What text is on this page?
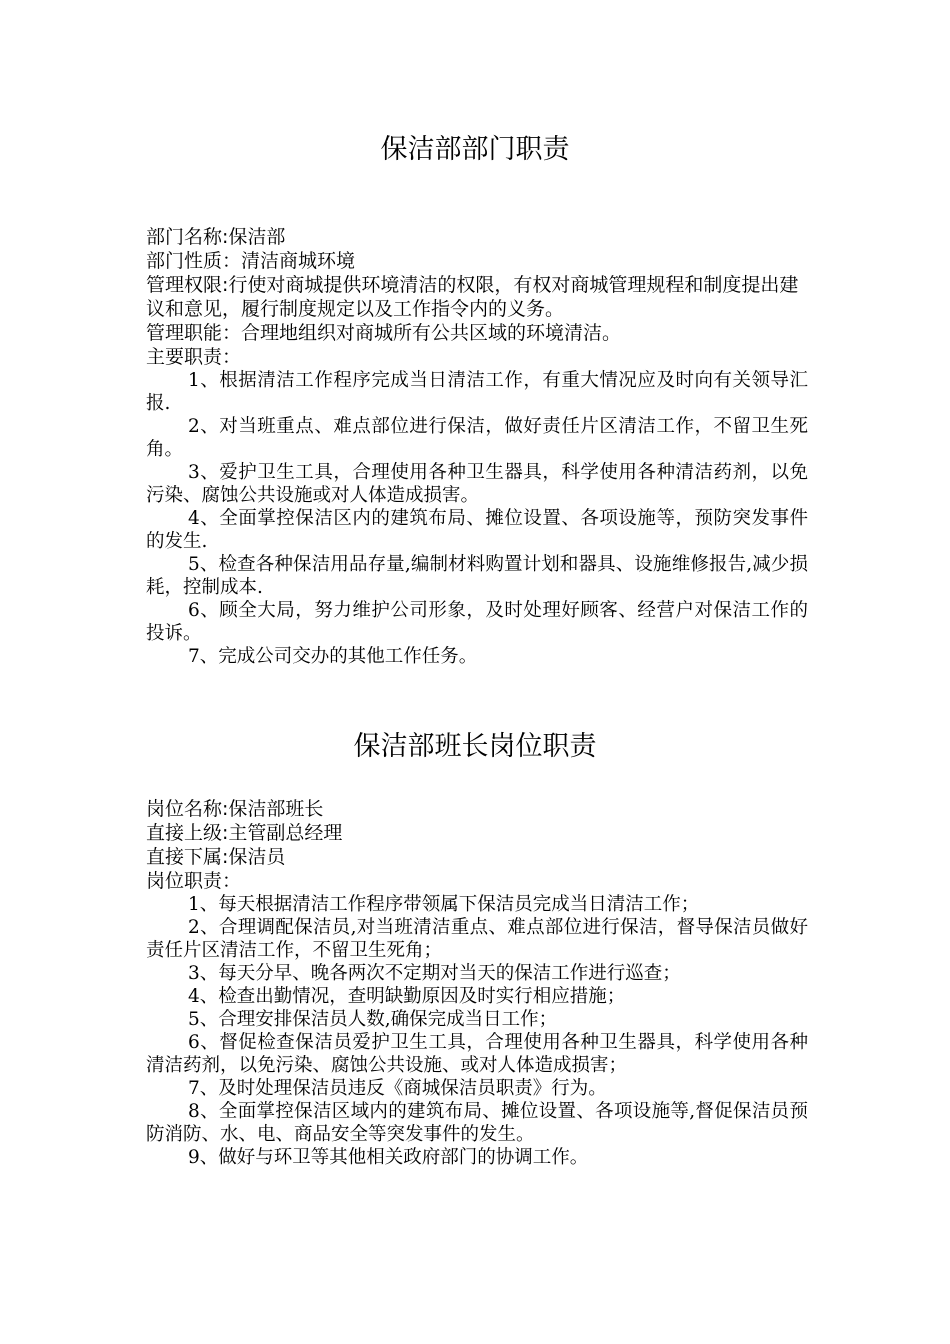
保洁部部门职责

部门名称:保洁部

部门性质：清洁商城环境

管理权限:行使对商城提供环境清洁的权限，有权对商城管理规程和制度提出建议和意见，履行制度规定以及工作指令内的义务。

管理职能：合理地组织对商城所有公共区域的环境清洁。

主要职责：

1、根据清洁工作程序完成当日清洁工作，有重大情况应及时向有关领导汇报.

2、对当班重点、难点部位进行保洁，做好责任片区清洁工作，不留卫生死角。

3、爱护卫生工具，合理使用各种卫生器具，科学使用各种清洁药剂，以免污染、腐蚀公共设施或对人体造成损害。

4、全面掌控保洁区内的建筑布局、摊位设置、各项设施等，预防突发事件的发生.

5、检查各种保洁用品存量,编制材料购置计划和器具、设施维修报告,减少损耗，控制成本.

6、顾全大局，努力维护公司形象，及时处理好顾客、经营户对保洁工作的投诉。

7、完成公司交办的其他工作任务。

保洁部班长岗位职责

岗位名称:保洁部班长

直接上级:主管副总经理

直接下属:保洁员

岗位职责：

1、每天根据清洁工作程序带领属下保洁员完成当日清洁工作；

2、合理调配保洁员,对当班清洁重点、难点部位进行保洁，督导保洁员做好责任片区清洁工作，不留卫生死角；

3、每天分早、晚各两次不定期对当天的保洁工作进行巡查；

4、检查出勤情况，查明缺勤原因及时实行相应措施；

5、合理安排保洁员人数,确保完成当日工作；

6、督促检查保洁员爱护卫生工具，合理使用各种卫生器具，科学使用各种清洁药剂，以免污染、腐蚀公共设施、或对人体造成损害；

7、及时处理保洁员违反《商城保洁员职责》行为。

8、全面掌控保洁区域内的建筑布局、摊位设置、各项设施等,督促保洁员预防消防、水、电、商品安全等突发事件的发生。

9、做好与环卫等其他相关政府部门的协调工作。
